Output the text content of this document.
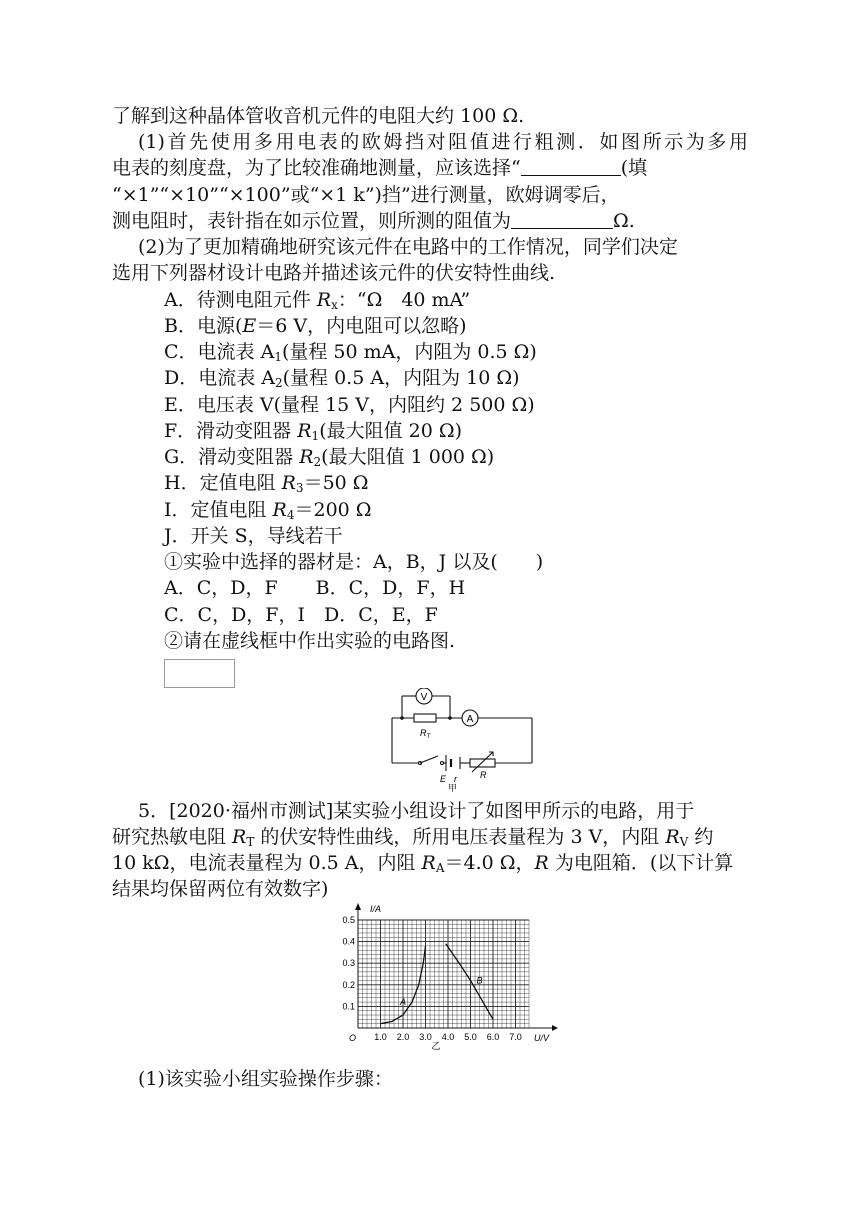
了解到这种晶体管收音机元件的电阻大约 100 Ω.
(1)首先使用多用电表的欧姆挡对阻值进行粗测．如图所示为多用
电表的刻度盘，为了比较准确地测量，应该选择“	(填
“×1”“×10”“×100”或“×1 k”)挡”进行测量，欧姆调零后，
测电阻时，表针指在如示位置，则所测的阻值为	Ω.
(2)为了更加精确地研究该元件在电路中的工作情况，同学们决定
选用下列器材设计电路并描述该元件的伏安特性曲线.
A．待测电阻元件 $R_x$：“Ω　40 mA”
B．电源(E＝6 V，内电阻可以忽略)
C．电流表 $A_1$(量程 50 mA，内阻为 0.5 Ω)
D．电流表 $A_2$(量程 0.5 A，内阻为 10 Ω)
E．电压表 V(量程 15 V，内阻约 2 500 Ω)
F．滑动变阻器 $R_1$(最大阻值 20 Ω)
G．滑动变阻器 $R_2$(最大阻值 1 000 Ω)
H．定值电阻 $R_3=50$ Ω
I．定值电阻 $R_4=200$ Ω
J．开关 S，导线若干
①实验中选择的器材是：A，B，J 以及(　　)
A．C，D，F　　B．C，D，F，H
C．C，D，F，I　D．C，E，F
②请在虚线框中作出实验的电路图.
V
A
$R_T$
E r	R
甲
5．[2020·福州市测试]某实验小组设计了如图甲所示的电路，用于
研究热敏电阻 $R_T$ 的伏安特性曲线，所用电压表量程为 3 V，内阻 $R_V$ 约
10 kΩ，电流表量程为 0.5 A，内阻 $R_A=4.0$ Ω，R 为电阻箱．(以下计算
结果均保留两位有效数字)
1.0 2.0 3.0 4.0 5.0 6.0 7.0
0.1
0.2
0.3
0.4
0.5
A
B
I/A
U/V
O
乙
(1)该实验小组实验操作步骤：
